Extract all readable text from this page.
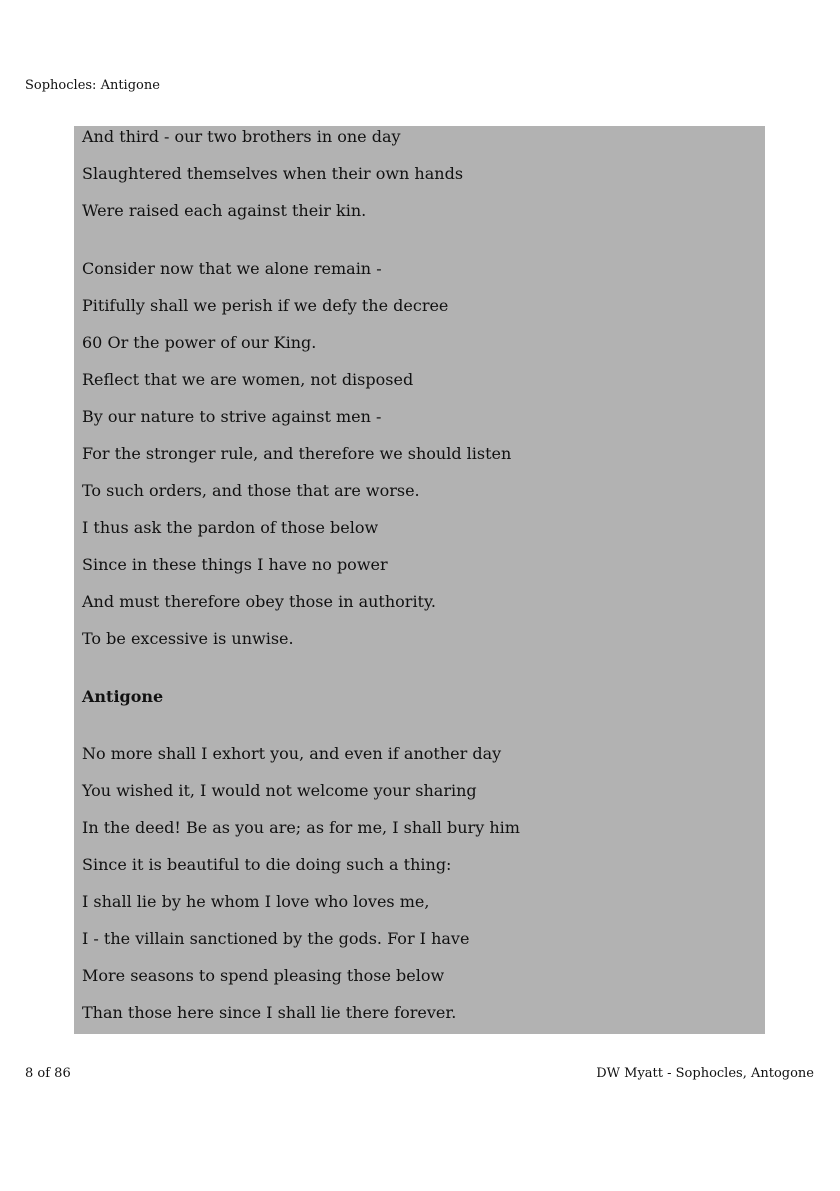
Sophocles: Antigone
And third - our two brothers in one day
Slaughtered themselves when their own hands
Were raised each against their kin.
Consider now that we alone remain -
Pitifully shall we perish if we defy the decree
60 Or the power of our King.
Reflect that we are women, not disposed
By our nature to strive against men -
For the stronger rule, and therefore we should listen
To such orders, and those that are worse.
I thus ask the pardon of those below
Since in these things I have no power
And must therefore obey those in authority.
To be excessive is unwise.
Antigone
No more shall I exhort you, and even if another day
You wished it, I would not welcome your sharing
In the deed! Be as you are; as for me, I shall bury him
Since it is beautiful to die doing such a thing:
I shall lie by he whom I love who loves me,
I - the villain sanctioned by the gods. For I have
More seasons to spend pleasing those below
Than those here since I shall lie there forever.
8 of 86	DW Myatt - Sophocles, Antogone
